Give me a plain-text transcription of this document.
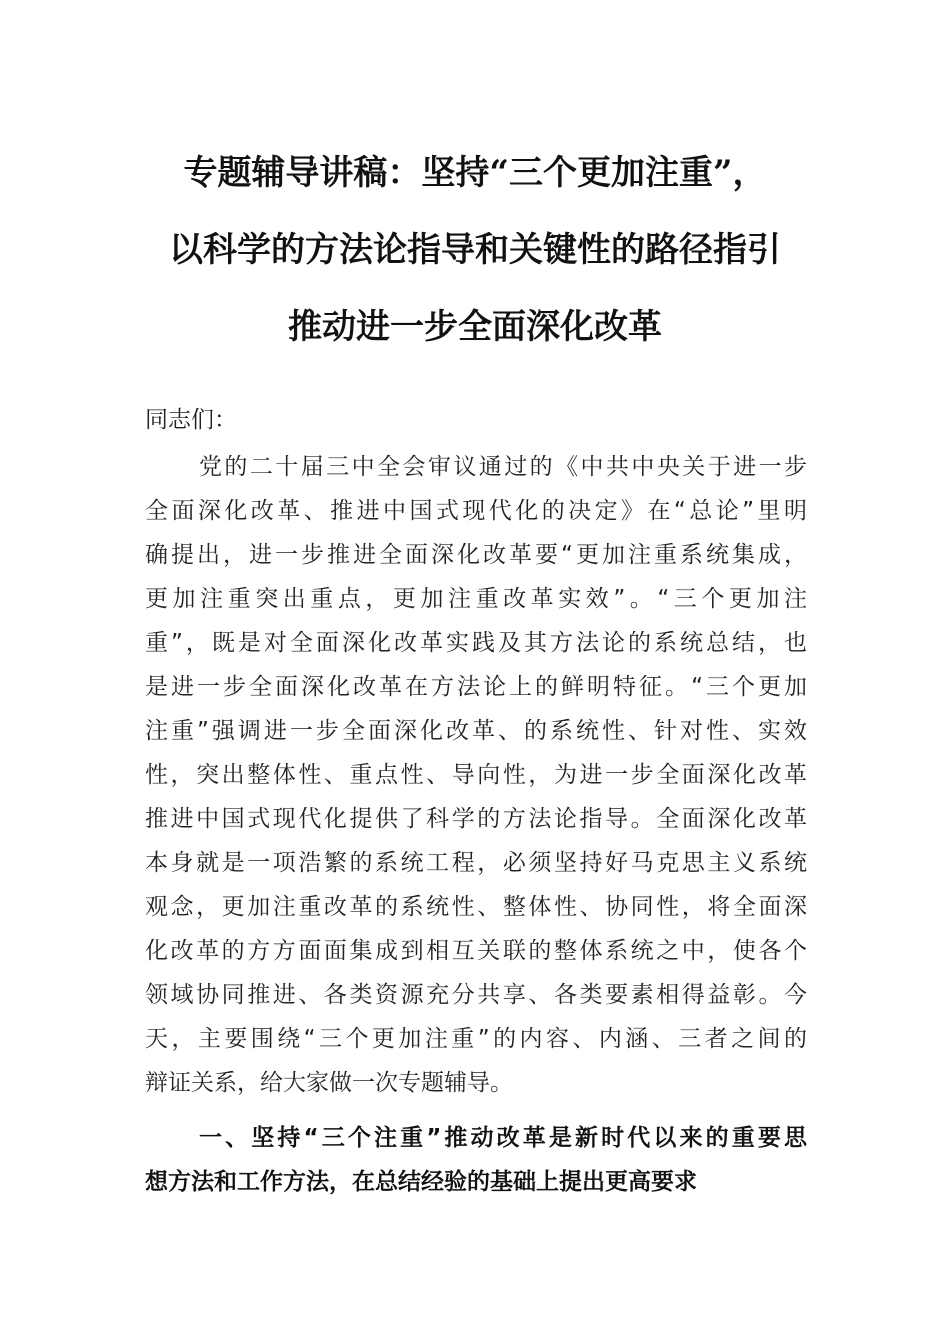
专题辅导讲稿：坚持“三个更加注重”，
以科学的方法论指导和关键性的路径指引
推动进一步全面深化改革
同志们：
党的二十届三中全会审议通过的《中共中央关于进一步
全面深化改革、推进中国式现代化的决定》在“总论”里明
确提出，进一步推进全面深化改革要“更加注重系统集成，
更加注重突出重点，更加注重改革实效”。“三个更加注
重”，既是对全面深化改革实践及其方法论的系统总结，也
是进一步全面深化改革在方法论上的鲜明特征。“三个更加
注重”强调进一步全面深化改革、的系统性、针对性、实效
性，突出整体性、重点性、导向性，为进一步全面深化改革
推进中国式现代化提供了科学的方法论指导。全面深化改革
本身就是一项浩繁的系统工程，必须坚持好马克思主义系统
观念，更加注重改革的系统性、整体性、协同性，将全面深
化改革的方方面面集成到相互关联的整体系统之中，使各个
领域协同推进、各类资源充分共享、各类要素相得益彰。今
天，主要围绕“三个更加注重”的内容、内涵、三者之间的
辩证关系，给大家做一次专题辅导。
一、坚持“三个注重”推动改革是新时代以来的重要思
想方法和工作方法，在总结经验的基础上提出更高要求
